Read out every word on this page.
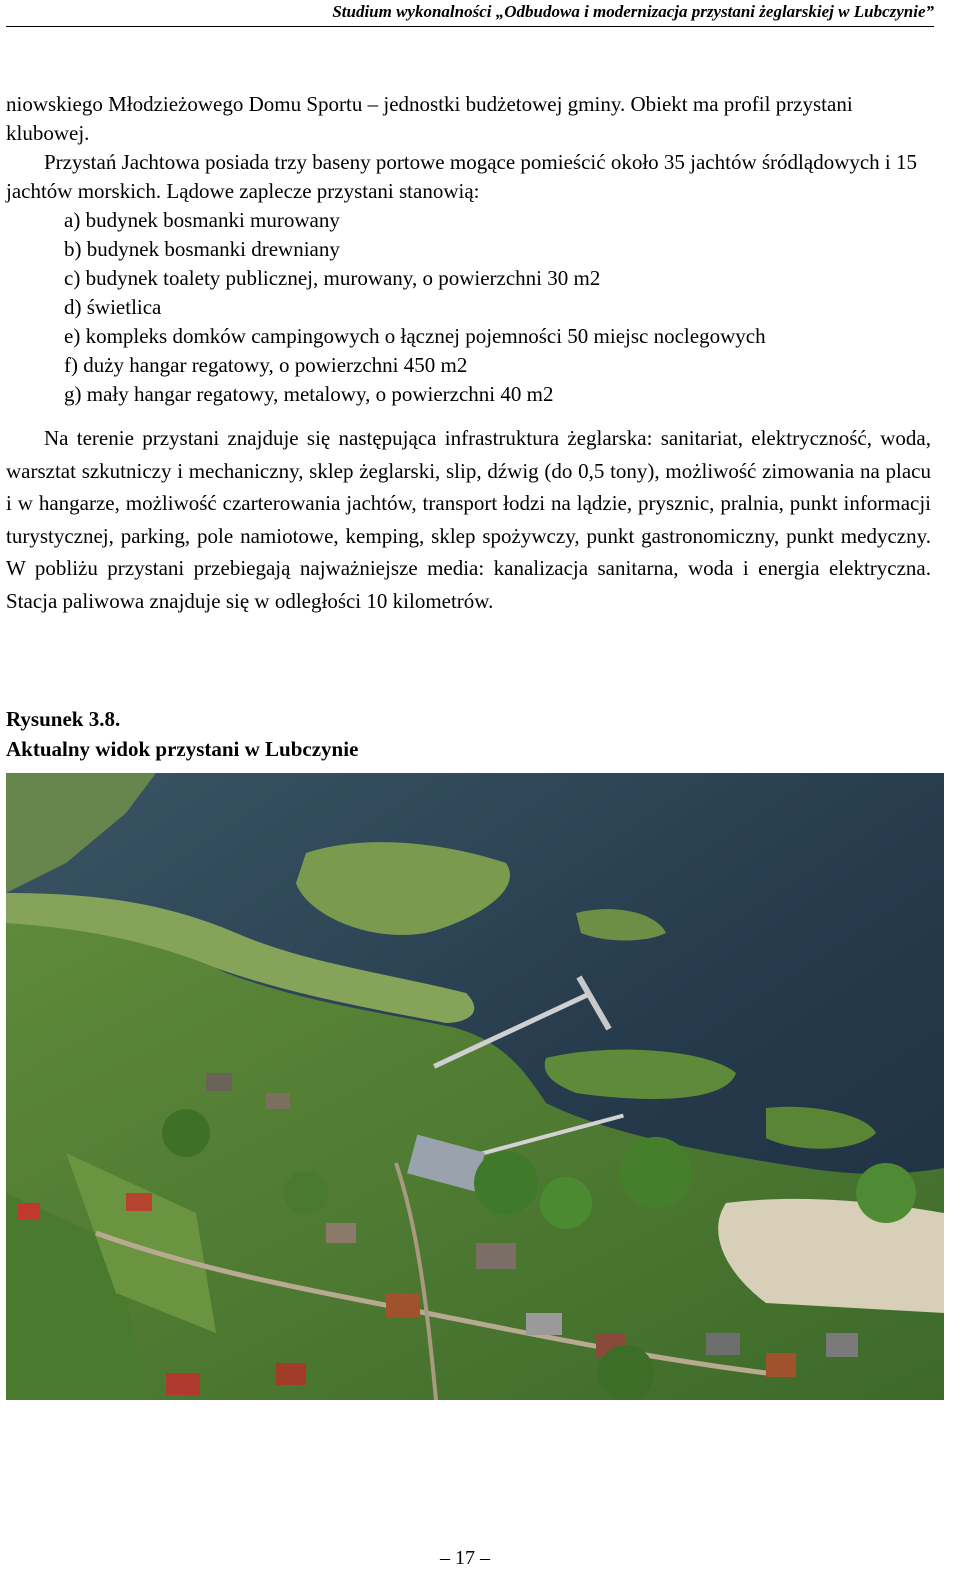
Studium wykonalności „Odbudowa i modernizacja przystani żeglarskiej w Lubczynie”

niowskiego Młodzieżowego Domu Sportu – jednostki budżetowej gminy. Obiekt ma profil przystani klubowej.

Przystań Jachtowa posiada trzy baseny portowe mogące pomieścić około 35 jachtów śródlądowych i 15 jachtów morskich. Lądowe zaplecze przystani stanowią:

a) budynek bosmanki murowany
b) budynek bosmanki drewniany
c) budynek toalety publicznej, murowany, o powierzchni 30 m2
d) świetlica
e) kompleks domków campingowych o łącznej pojemności 50 miejsc noclegowych
f) duży hangar regatowy, o powierzchni 450 m2
g) mały hangar regatowy, metalowy, o powierzchni 40 m2

Na terenie przystani znajduje się następująca infrastruktura żeglarska: sanitariat, elektryczność, woda, warsztat szkutniczy i mechaniczny, sklep żeglarski, slip, dźwig (do 0,5 tony), możliwość zimowania na placu i w hangarze, możliwość czarterowania jachtów, transport łodzi na lądzie, prysznic, pralnia, punkt informacji turystycznej, parking, pole namiotowe, kemping, sklep spożywczy, punkt gastronomiczny, punkt medyczny. W pobliżu przystani przebiegają najważniejsze media: kanalizacja sanitarna, woda i energia elektryczna. Stacja paliwowa znajduje się w odległości 10 kilometrów.

Rysunek 3.8.
Aktualny widok przystani w Lubczynie
– 17 –
